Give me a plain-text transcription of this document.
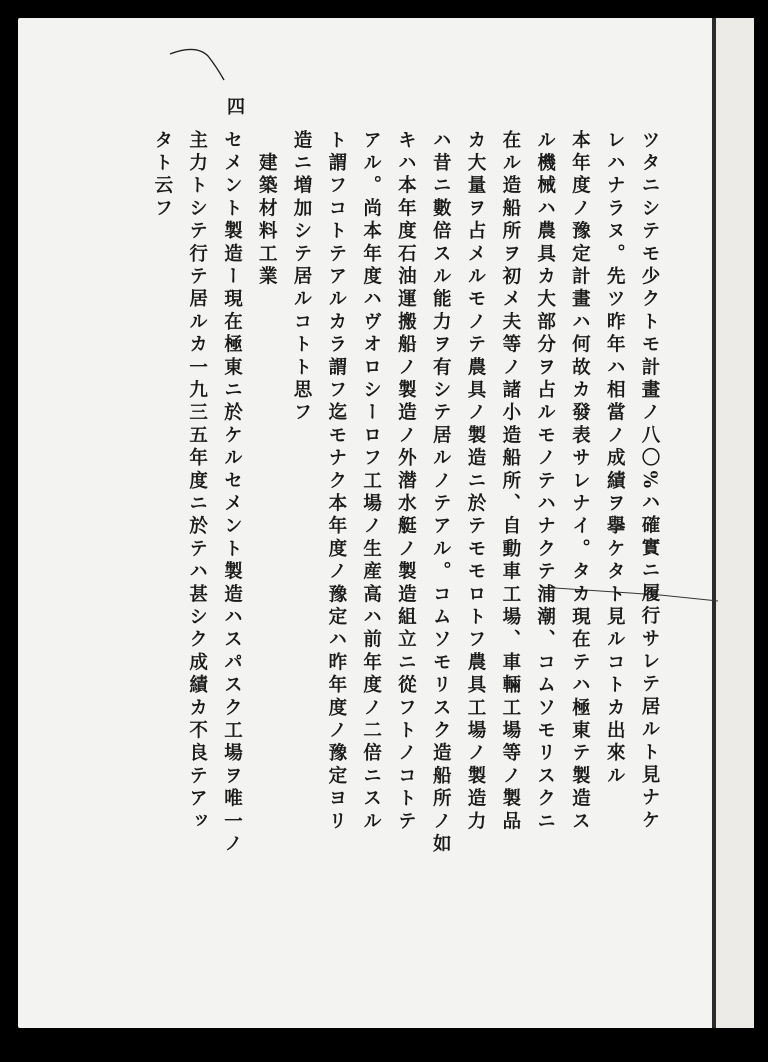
四
ツタニシテモ少クトモ計畫ノ八〇%ハ確實ニ履行サレテ居ルト見ナケ
レハナラヌ。先ツ昨年ハ相當ノ成績ヲ擧ケタト見ルコトカ出來ル
本年度ノ豫定計畫ハ何故カ發表サレナイ。タカ現在テハ極東テ製造ス
ル機械ハ農具カ大部分ヲ占ルモノテハナクテ浦潮、コムソモリスクニ
在ル造船所ヲ初メ夫等ノ諸小造船所、自動車工場、車輛工場等ノ製品
カ大量ヲ占メルモノテ農具ノ製造ニ於テモモロトフ農具工場ノ製造力
ハ昔ニ數倍スル能力ヲ有シテ居ルノテアル。コムソモリスク造船所ノ如
キハ本年度石油運搬船ノ製造ノ外潜水艇ノ製造組立ニ從フトノコトテ
アル。尚本年度ハヴオロシーロフ工場ノ生産高ハ前年度ノ二倍ニスル
ト謂フコトテアルカラ謂フ迄モナク本年度ノ豫定ハ昨年度ノ豫定ヨリ
造ニ増加シテ居ルコトト思フ
　建築材料工業
セメント製造ー現在極東ニ於ケルセメント製造ハスパスク工場ヲ唯一ノ
主力トシテ行テ居ルカ一九三五年度ニ於テハ甚シク成績カ不良テアッ
タト云フ
